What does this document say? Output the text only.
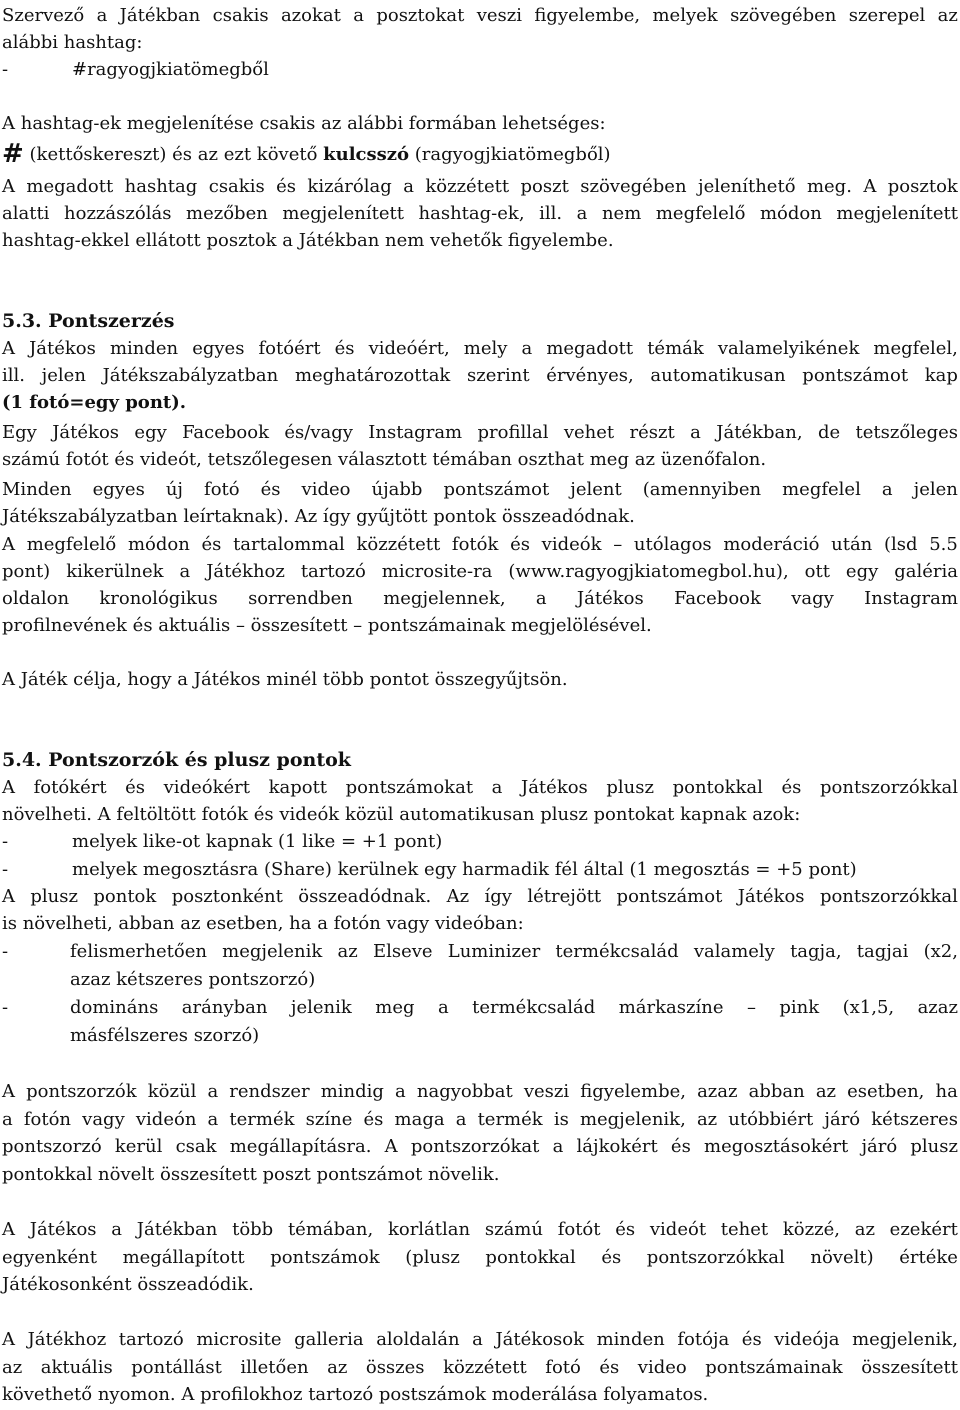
Szervező a Játékban csakis azokat a posztokat veszi figyelembe, melyek szövegében szerepel az
alábbi hashtag:
-	#ragyogjkiatömegből
A hashtag-ek megjelenítése csakis az alábbi formában lehetséges:
# (kettőskereszt) és az ezt követő kulcsszó (ragyogjkiatömegből)
A megadott hashtag csakis és kizárólag a közzétett poszt szövegében jeleníthető meg. A posztok
alatti hozzászólás mezőben megjelenített hashtag-ek, ill. a nem megfelelő módon megjelenített
hashtag-ekkel ellátott posztok a Játékban nem vehetők figyelembe.
5.3. Pontszerzés
A Játékos minden egyes fotóért és videóért, mely a megadott témák valamelyikének megfelel,
ill. jelen Játékszabályzatban meghatározottak szerint érvényes, automatikusan pontszámot kap
(1 fotó=egy pont).
Egy Játékos egy Facebook és/vagy Instagram profillal vehet részt a Játékban, de tetszőleges
számú fotót és videót, tetszőlegesen választott témában oszthat meg az üzenőfalon.
Minden egyes új fotó és video újabb pontszámot jelent (amennyiben megfelel a jelen
Játékszabályzatban leírtaknak). Az így gyűjtött pontok összeadódnak.
A megfelelő módon és tartalommal közzétett fotók és videók – utólagos moderáció után (lsd 5.5
pont) kikerülnek a Játékhoz tartozó microsite-ra (www.ragyogjkiatomegbol.hu), ott egy galéria
oldalon kronológikus sorrendben megjelennek, a Játékos Facebook vagy Instagram
profilnevének és aktuális – összesített – pontszámainak megjelölésével.
A Játék célja, hogy a Játékos minél több pontot összegyűjtsön.
5.4. Pontszorzók és plusz pontok
A fotókért és videókért kapott pontszámokat a Játékos plusz pontokkal és pontszorzókkal
növelheti. A feltöltött fotók és videók közül automatikusan plusz pontokat kapnak azok:
-	melyek like-ot kapnak (1 like = +1 pont)
-	melyek megosztásra (Share) kerülnek egy harmadik fél által (1 megosztás = +5 pont)
A plusz pontok posztonként összeadódnak. Az így létrejött pontszámot Játékos pontszorzókkal
is növelheti, abban az esetben, ha a fotón vagy videóban:
-	felismerhetően megjelenik az Elseve Luminizer termékcsalád valamely tagja, tagjai (x2,
azaz kétszeres pontszorzó)
-	domináns arányban jelenik meg a termékcsalád márkaszíne – pink (x1,5, azaz
másfélszeres szorzó)
A pontszorzók közül a rendszer mindig a nagyobbat veszi figyelembe, azaz abban az esetben, ha
a fotón vagy videón a termék színe és maga a termék is megjelenik, az utóbbiért járó kétszeres
pontszorzó kerül csak megállapításra. A pontszorzókat a lájkokért és megosztásokért járó plusz
pontokkal növelt összesített poszt pontszámot növelik.
A Játékos a Játékban több témában, korlátlan számú fotót és videót tehet közzé, az ezekért
egyenként megállapított pontszámok (plusz pontokkal és pontszorzókkal növelt) értéke
Játékosonként összeadódik.
A Játékhoz tartozó microsite galleria aloldalán a Játékosok minden fotója és videója megjelenik,
az aktuális pontállást illetően az összes közzétett fotó és video pontszámainak összesített
követhető nyomon. A profilokhoz tartozó postszámok moderálása folyamatos.
